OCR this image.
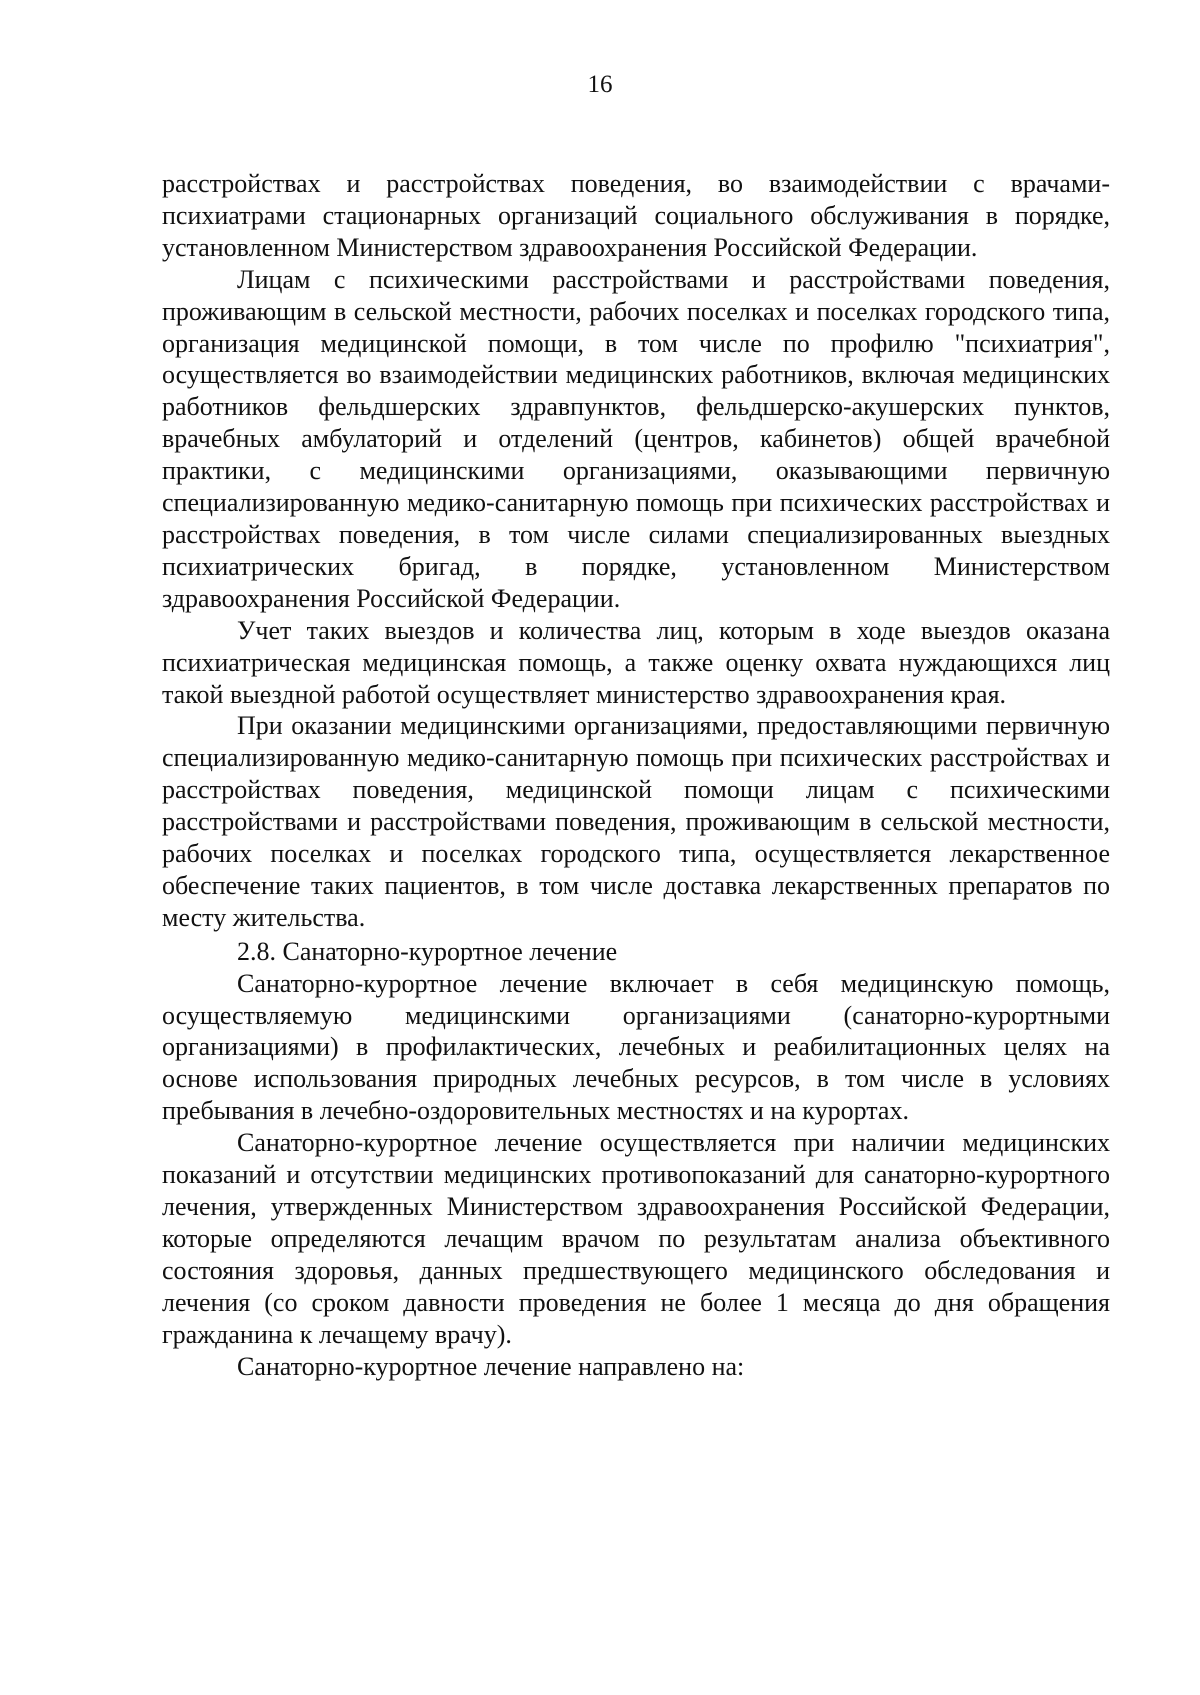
16

расстройствах и расстройствах поведения, во взаимодействии с врачами-психиатрами стационарных организаций социального обслуживания в порядке, установленном Министерством здравоохранения Российской Федерации.

Лицам с психическими расстройствами и расстройствами поведения, проживающим в сельской местности, рабочих поселках и поселках городского типа, организация медицинской помощи, в том числе по профилю "психиатрия", осуществляется во взаимодействии медицинских работников, включая медицинских работников фельдшерских здравпунктов, фельдшерско-акушерских пунктов, врачебных амбулаторий и отделений (центров, кабинетов) общей врачебной практики, с медицинскими организациями, оказывающими первичную специализированную медико-санитарную помощь при психических расстройствах и расстройствах поведения, в том числе силами специализированных выездных психиатрических бригад, в порядке, установленном Министерством здравоохранения Российской Федерации.

Учет таких выездов и количества лиц, которым в ходе выездов оказана психиатрическая медицинская помощь, а также оценку охвата нуждающихся лиц такой выездной работой осуществляет министерство здравоохранения края.

При оказании медицинскими организациями, предоставляющими первичную специализированную медико-санитарную помощь при психических расстройствах и расстройствах поведения, медицинской помощи лицам с психическими расстройствами и расстройствами поведения, проживающим в сельской местности, рабочих поселках и поселках городского типа, осуществляется лекарственное обеспечение таких пациентов, в том числе доставка лекарственных препаратов по месту жительства.

2.8. Санаторно-курортное лечение

Санаторно-курортное лечение включает в себя медицинскую помощь, осуществляемую медицинскими организациями (санаторно-курортными организациями) в профилактических, лечебных и реабилитационных целях на основе использования природных лечебных ресурсов, в том числе в условиях пребывания в лечебно-оздоровительных местностях и на курортах.

Санаторно-курортное лечение осуществляется при наличии медицинских показаний и отсутствии медицинских противопоказаний для санаторно-курортного лечения, утвержденных Министерством здравоохранения Российской Федерации, которые определяются лечащим врачом по результатам анализа объективного состояния здоровья, данных предшествующего медицинского обследования и лечения (со сроком давности проведения не более 1 месяца до дня обращения гражданина к лечащему врачу).

Санаторно-курортное лечение направлено на:
